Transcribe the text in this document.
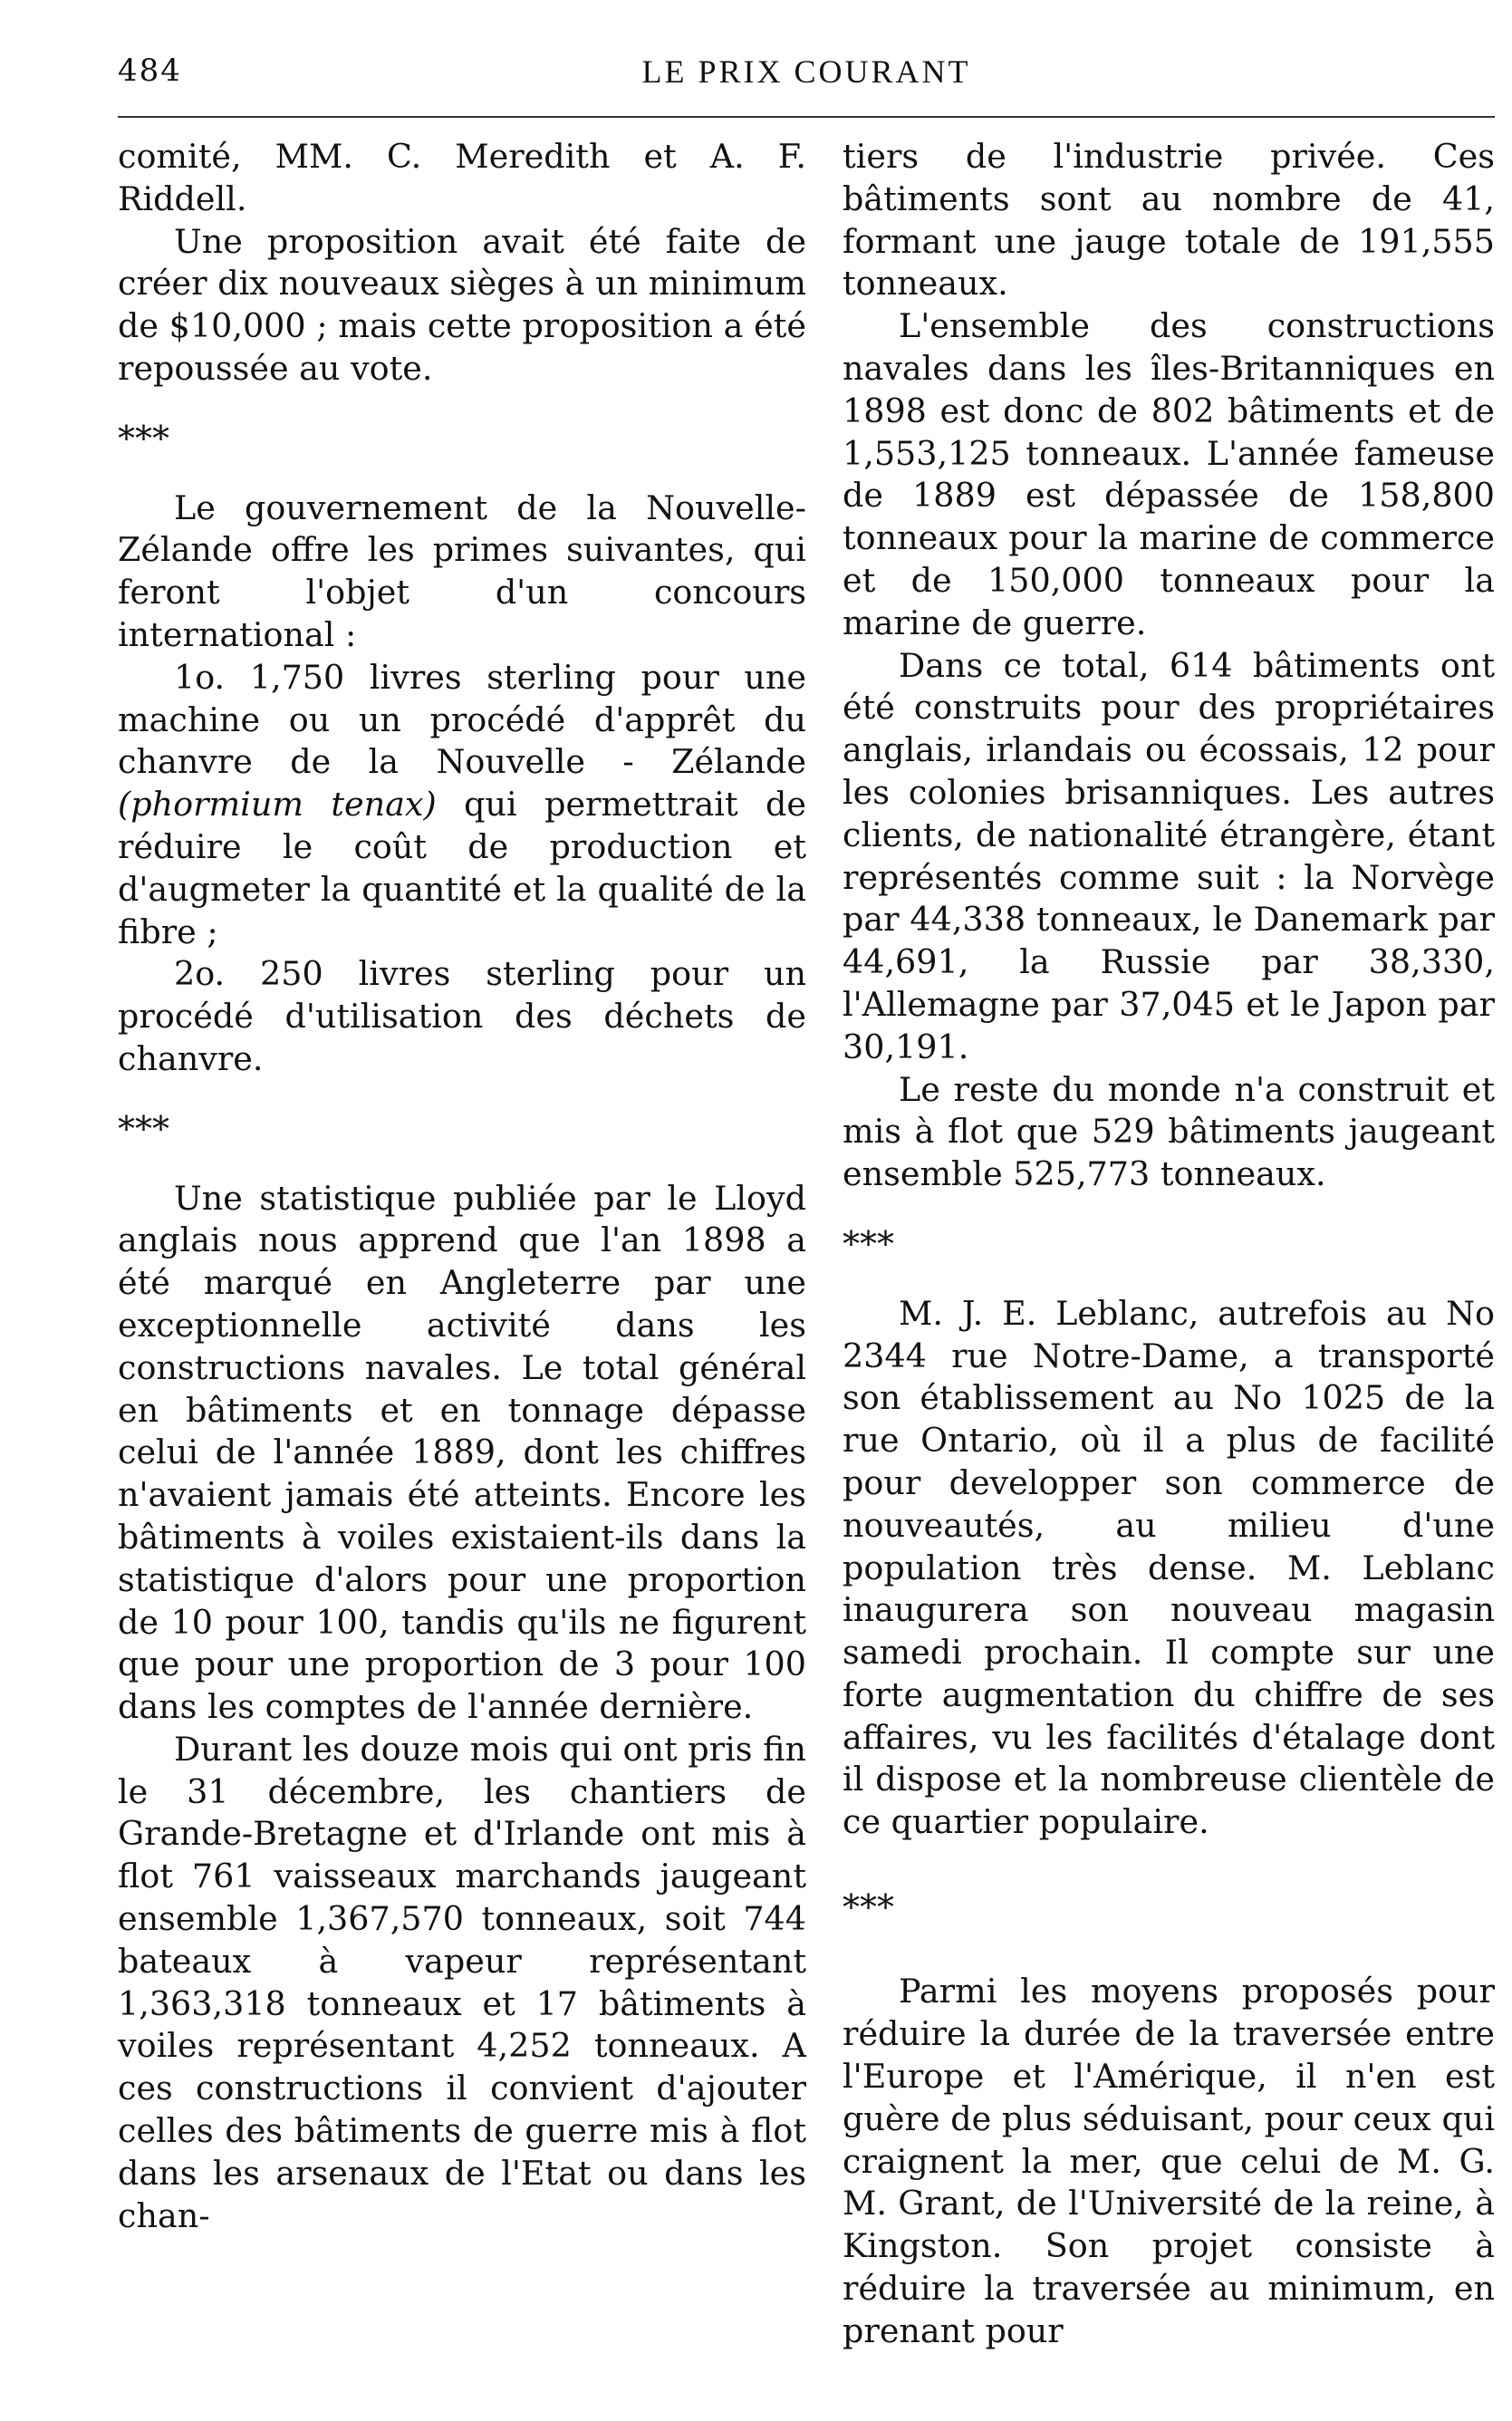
484	LE PRIX COURANT

comité, MM. C. Meredith et A. F. Riddell.

Une proposition avait été faite de créer dix nouveaux sièges à un minimum de $10,000 ; mais cette proposition a été repoussée au vote.

***

Le gouvernement de la Nouvelle-Zélande offre les primes suivantes, qui feront l'objet d'un concours international :

1o. 1,750 livres sterling pour une machine ou un procédé d'apprêt du chanvre de la Nouvelle - Zélande (phormium tenax) qui permettrait de réduire le coût de production et d'augmeter la quantité et la qualité de la fibre ;

2o. 250 livres sterling pour un procédé d'utilisation des déchets de chanvre.

***

Une statistique publiée par le Lloyd anglais nous apprend que l'an 1898 a été marqué en Angleterre par une exceptionnelle activité dans les constructions navales. Le total général en bâtiments et en tonnage dépasse celui de l'année 1889, dont les chiffres n'avaient jamais été atteints. Encore les bâtiments à voiles existaient-ils dans la statistique d'alors pour une proportion de 10 pour 100, tandis qu'ils ne figurent que pour une proportion de 3 pour 100 dans les comptes de l'année dernière.

Durant les douze mois qui ont pris fin le 31 décembre, les chantiers de Grande-Bretagne et d'Irlande ont mis à flot 761 vaisseaux marchands jaugeant ensemble 1,367,570 tonneaux, soit 744 bateaux à vapeur représentant 1,363,318 tonneaux et 17 bâtiments à voiles représentant 4,252 tonneaux. A ces constructions il convient d'ajouter celles des bâtiments de guerre mis à flot dans les arsenaux de l'Etat ou dans les chan-

tiers de l'industrie privée. Ces bâtiments sont au nombre de 41, formant une jauge totale de 191,555 tonneaux.

L'ensemble des constructions navales dans les îles-Britanniques en 1898 est donc de 802 bâtiments et de 1,553,125 tonneaux. L'année fameuse de 1889 est dépassée de 158,800 tonneaux pour la marine de commerce et de 150,000 tonneaux pour la marine de guerre.

Dans ce total, 614 bâtiments ont été construits pour des propriétaires anglais, irlandais ou écossais, 12 pour les colonies brisanniques. Les autres clients, de nationalité étrangère, étant représentés comme suit : la Norvège par 44,338 tonneaux, le Danemark par 44,691, la Russie par 38,330, l'Allemagne par 37,045 et le Japon par 30,191.

Le reste du monde n'a construit et mis à flot que 529 bâtiments jaugeant ensemble 525,773 tonneaux.

***

M. J. E. Leblanc, autrefois au No 2344 rue Notre-Dame, a transporté son établissement au No 1025 de la rue Ontario, où il a plus de facilité pour developper son commerce de nouveautés, au milieu d'une population très dense. M. Leblanc inaugurera son nouveau magasin samedi prochain. Il compte sur une forte augmentation du chiffre de ses affaires, vu les facilités d'étalage dont il dispose et la nombreuse clientèle de ce quartier populaire.

***

Parmi les moyens proposés pour réduire la durée de la traversée entre l'Europe et l'Amérique, il n'en est guère de plus séduisant, pour ceux qui craignent la mer, que celui de M. G. M. Grant, de l'Université de la reine, à Kingston. Son projet consiste à réduire la traversée au minimum, en prenant pour
